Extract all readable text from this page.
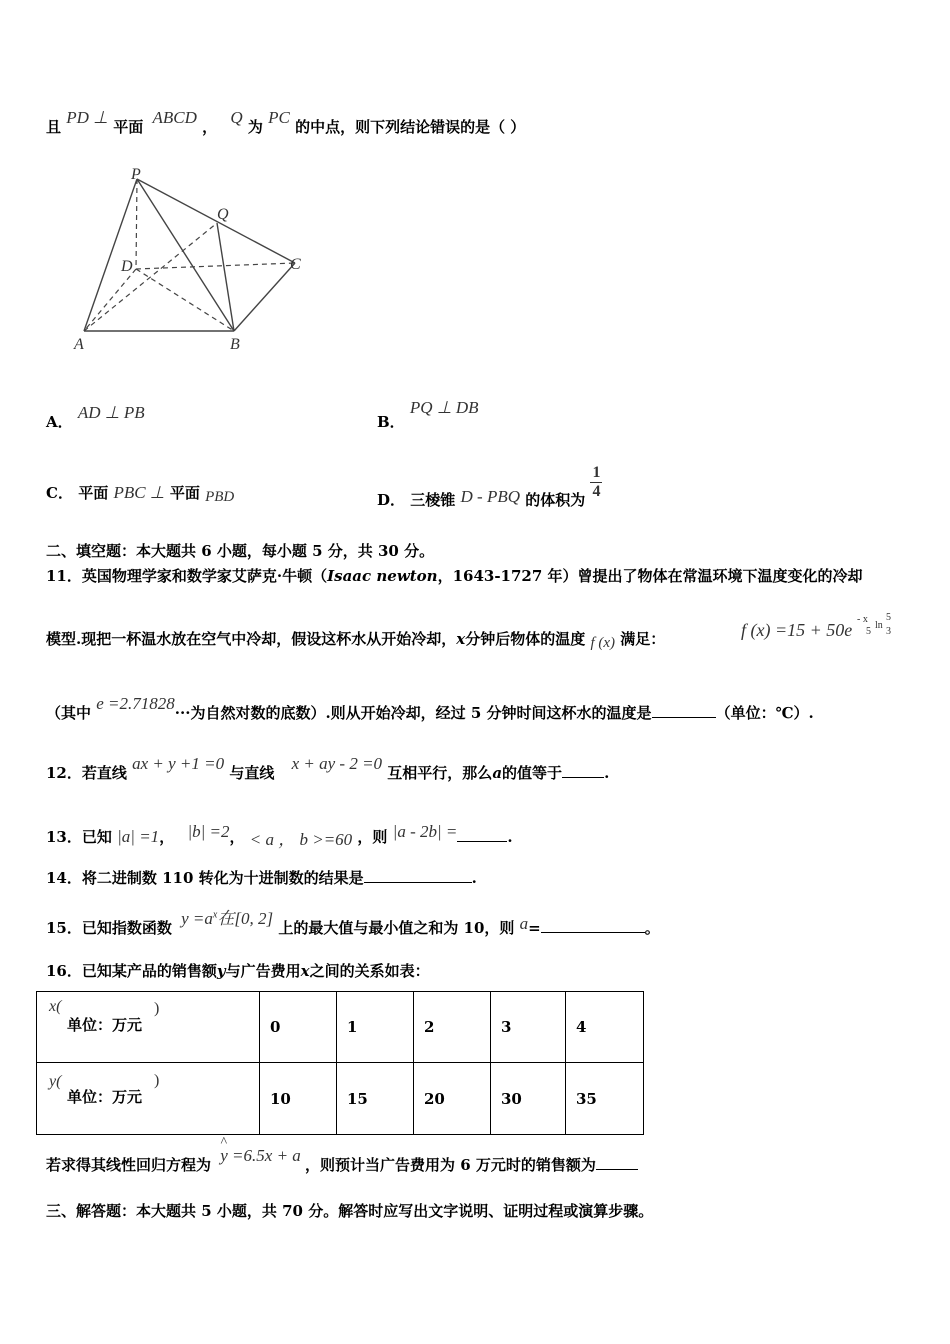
且 PD ⊥ 平面 ABCD ， Q 为 PC 的中点，则下列结论错误的是（ ）
P
Q
D	C
A	B
A． AD ⊥ PB	B． PQ ⊥ DB
C． 平面 PBC ⊥ 平面 PBD	D． 三棱锥 D - PBQ 的体积为 $\frac{1}{4}$
二、填空题：本大题共 6 小题，每小题 5 分，共 30 分。
11．英国物理学家和数学家艾萨克·牛顿（Isaac newton，1643-1727 年）曾提出了物体在常温环境下温度变化的冷却
模型.现把一杯温水放在空气中冷却，假设这杯水从开始冷却，x分钟后物体的温度 f (x) 满足：	f (x) =15 + 50e
- x
5
ln
5
3
（其中 e =2.71828···为自然对数的底数）.则从开始冷却，经过 5 分钟时间这杯水的温度是	（单位：℃）.
12．若直线 ax + y +1 =0 与直线 x + ay - 2 =0 互相平行，那么a的值等于	.
13．已知 |a| =1， |b| =2， < a ， b >=60 ，则 |a - 2b| =	.
14．将二进制数 110 转化为十进制数的结果是	.
15．已知指数函数 $y =a^x$在[0, 2] 上的最大值与最小值之和为 10，则 a=	。
16．已知某产品的销售额y与广告费用x之间的关系如表：
x(
单位：万元
)	0	1	2	3	4

y(
单位：万元
)	10	15	20	30	35
若求得其线性回归方程为
^
y =6.5x + a ，则预计当广告费用为 6 万元时的销售额为
三、解答题：本大题共 5 小题，共 70 分。解答时应写出文字说明、证明过程或演算步骤。
